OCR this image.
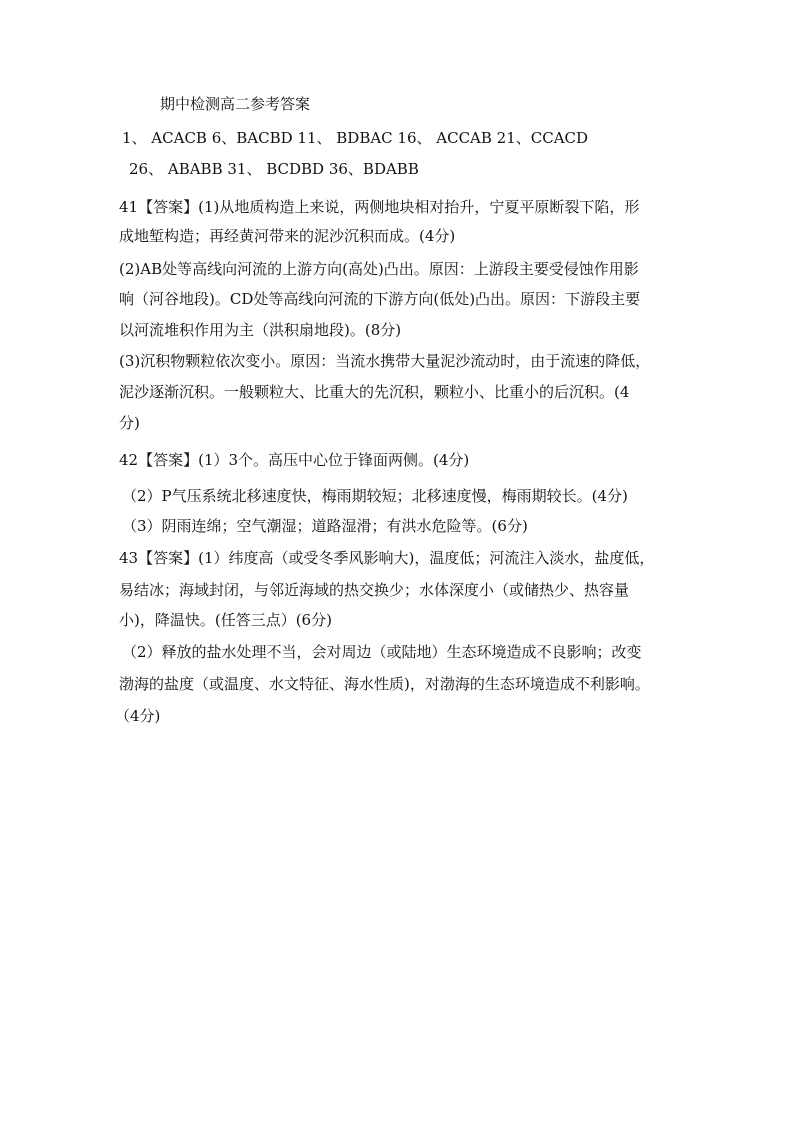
期中检测高二参考答案
1、 ACACB 6、BACBD 11、 BDBAC 16、 ACCAB 21、CCACD
26、 ABABB 31、 BCDBD 36、BDABB
41【答案】(1)从地质构造上来说，两侧地块相对抬升，宁夏平原断裂下陷，形
成地堑构造；再经黄河带来的泥沙沉积而成。(4分)
(2)AB处等高线向河流的上游方向(高处)凸出。原因：上游段主要受侵蚀作用影
响（河谷地段)。CD处等高线向河流的下游方向(低处)凸出。原因：下游段主要
以河流堆积作用为主（洪积扇地段)。(8分)
(3)沉积物颗粒依次变小。原因：当流水携带大量泥沙流动时，由于流速的降低，
泥沙逐渐沉积。一般颗粒大、比重大的先沉积，颗粒小、比重小的后沉积。(4
分)
42【答案】(1）3个。高压中心位于锋面两侧。(4分)
（2）P气压系统北移速度快，梅雨期较短；北移速度慢，梅雨期较长。(4分)
（3）阴雨连绵；空气潮湿；道路湿滑；有洪水危险等。(6分)
43【答案】(1）纬度高（或受冬季风影响大)，温度低；河流注入淡水，盐度低，
易结冰；海域封闭，与邻近海域的热交换少；水体深度小（或储热少、热容量
小)，降温快。(任答三点）(6分)
（2）释放的盐水处理不当，会对周边（或陆地）生态环境造成不良影响；改变
渤海的盐度（或温度、水文特征、海水性质)，对渤海的生态环境造成不利影响。
（4分)
